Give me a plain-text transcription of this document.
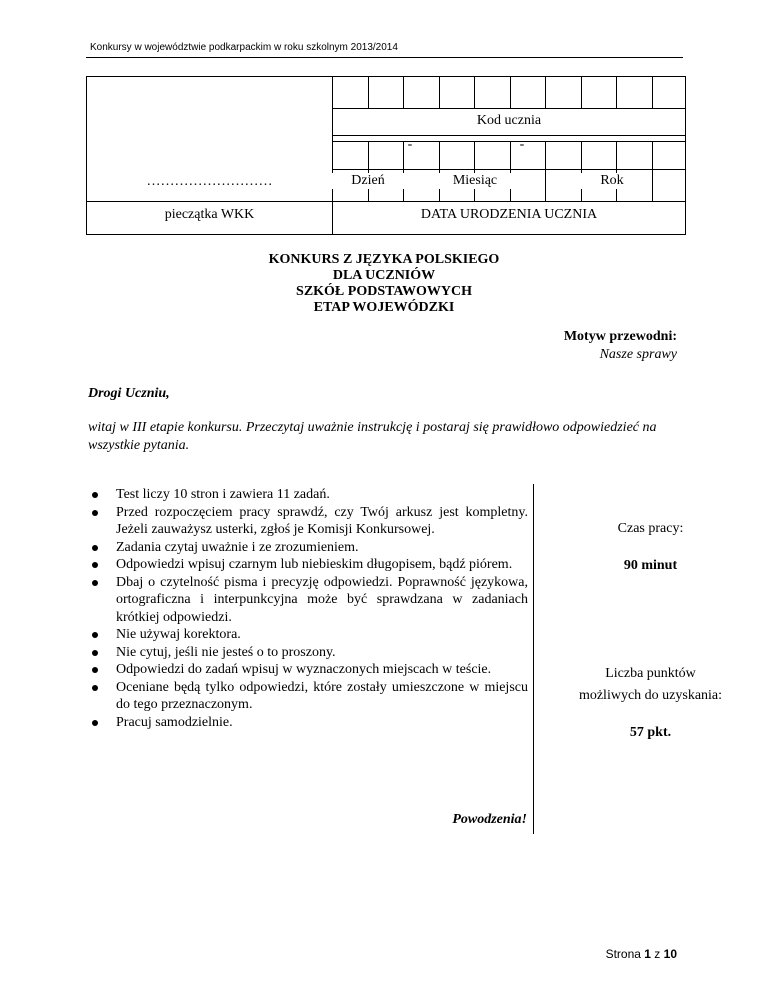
Konkursy w województwie podkarpackim w roku szkolnym 2013/2014
Kod ucznia
-	-
Dzień	Miesiąc	Rok
………………………
pieczątka WKK	DATA URODZENIA UCZNIA
KONKURS Z JĘZYKA POLSKIEGO
DLA UCZNIÓW
SZKÓŁ PODSTAWOWYCH
ETAP WOJEWÓDZKI
Motyw przewodni:
Nasze sprawy
Drogi Uczniu,
witaj w III etapie konkursu. Przeczytaj uważnie instrukcję i postaraj się prawidłowo odpowiedzieć na wszystkie pytania.
Test liczy 10 stron i zawiera 11 zadań.
Przed rozpoczęciem pracy sprawdź, czy Twój arkusz jest kompletny. Jeżeli zauważysz usterki, zgłoś je Komisji Konkursowej.
Zadania czytaj uważnie i ze zrozumieniem.
Odpowiedzi wpisuj czarnym lub niebieskim długopisem, bądź piórem.
Dbaj o czytelność pisma i precyzję odpowiedzi. Poprawność językowa, ortograficzna i interpunkcyjna może być sprawdzana w zadaniach krótkiej odpowiedzi.
Nie używaj korektora.
Nie cytuj, jeśli nie jesteś o to proszony.
Odpowiedzi do zadań wpisuj w wyznaczonych miejscach w teście.
Oceniane będą tylko odpowiedzi, które zostały umieszczone w miejscu do tego przeznaczonym.
Pracuj samodzielnie.
Powodzenia!
Czas pracy:
90 minut
Liczba punktów
możliwych do uzyskania:
57 pkt.
Strona 1 z 10
